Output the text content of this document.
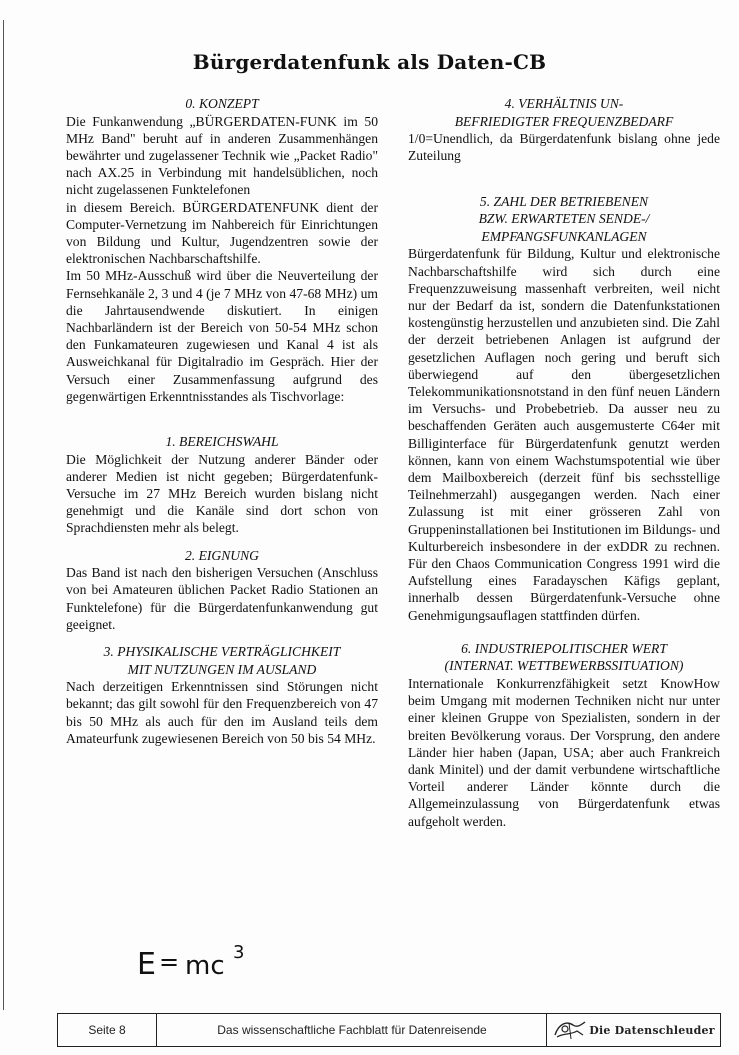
Bürgerdatenfunk als Daten-CB

0. KONZEPT

Die Funkanwendung „BÜRGERDATEN-FUNK im 50 MHz Band" beruht auf in anderen Zusammenhängen bewährter und zugelassener Technik wie „Packet Radio" nach AX.25 in Verbindung mit handelsüblichen, noch nicht zugelassenen Funktelefonen

in diesem Bereich. BÜRGERDATENFUNK dient der Computer-Vernetzung im Nahbereich für Einrichtungen von Bildung und Kultur, Jugendzentren sowie der elektronischen Nachbarschaftshilfe.

Im 50 MHz-Ausschuß wird über die Neuverteilung der Fernsehkanäle 2, 3 und 4 (je 7 MHz von 47-68 MHz) um die Jahrtausendwende diskutiert. In einigen Nachbarländern ist der Bereich von 50-54 MHz schon den Funkamateuren zugewiesen und Kanal 4 ist als Ausweichkanal für Digitalradio im Gespräch. Hier der Versuch einer Zusammenfassung aufgrund des gegenwärtigen Erkenntnisstandes als Tischvorlage:

1. BEREICHSWAHL

Die Möglichkeit der Nutzung anderer Bänder oder anderer Medien ist nicht gegeben; Bürgerdatenfunk-Versuche im 27 MHz Bereich wurden bislang nicht genehmigt und die Kanäle sind dort schon von Sprachdiensten mehr als belegt.

2. EIGNUNG

Das Band ist nach den bisherigen Versuchen (Anschluss von bei Amateuren üblichen Packet Radio Stationen an Funktelefone) für die Bürgerdatenfunkanwendung gut geeignet.

3. PHYSIKALISCHE VERTRÄGLICHKEIT

MIT NUTZUNGEN IM AUSLAND

Nach derzeitigen Erkenntnissen sind Störungen nicht bekannt; das gilt sowohl für den Frequenzbereich von 47 bis 50 MHz als auch für den im Ausland teils dem Amateurfunk zugewiesenen Bereich von 50 bis 54 MHz.

4. VERHÄLTNIS UN-

BEFRIEDIGTER FREQUENZBEDARF

1/0=Unendlich, da Bürgerdatenfunk bislang ohne jede Zuteilung

5. ZAHL DER BETRIEBENEN

BZW. ERWARTETEN SENDE-/

EMPFANGSFUNKANLAGEN

Bürgerdatenfunk für Bildung, Kultur und elektronische Nachbarschaftshilfe wird sich durch eine Frequenzzuweisung massenhaft verbreiten, weil nicht nur der Bedarf da ist, sondern die Datenfunkstationen kostengünstig herzustellen und anzubieten sind. Die Zahl der derzeit betriebenen Anlagen ist aufgrund der gesetzlichen Auflagen noch gering und beruft sich überwiegend auf den übergesetzlichen Telekommunikationsnotstand in den fünf neuen Ländern im Versuchs- und Probebetrieb. Da ausser neu zu beschaffenden Geräten auch ausgemusterte C64er mit Billiginterface für Bürgerdatenfunk genutzt werden können, kann von einem Wachstumspotential wie über dem Mailboxbereich (derzeit fünf bis sechsstellige Teilnehmerzahl) ausgegangen werden. Nach einer Zulassung ist mit einer grösseren Zahl von Gruppeninstallationen bei Institutionen im Bildungs- und Kulturbereich insbesondere in der exDDR zu rechnen. Für den Chaos Communication Congress 1991 wird die Aufstellung eines Faradayschen Käfigs geplant, innerhalb dessen Bürgerdatenfunk-Versuche ohne Genehmigungsauflagen stattfinden dürfen.

6. INDUSTRIEPOLITISCHER WERT

(INTERNAT. WETTBEWERBSSITUATION)

Internationale Konkurrenzfähigkeit setzt KnowHow beim Umgang mit modernen Techniken nicht nur unter einer kleinen Gruppe von Spezialisten, sondern in der breiten Bevölkerung voraus. Der Vorsprung, den andere Länder hier haben (Japan, USA; aber auch Frankreich dank Minitel) und der damit verbundene wirtschaftliche Vorteil anderer Länder könnte durch die Allgemeinzulassung von Bürgerdatenfunk etwas aufgeholt werden.

E = mc 3
Seite 8	Das wissenschaftliche Fachblatt für Datenreisende	Die Datenschleuder
